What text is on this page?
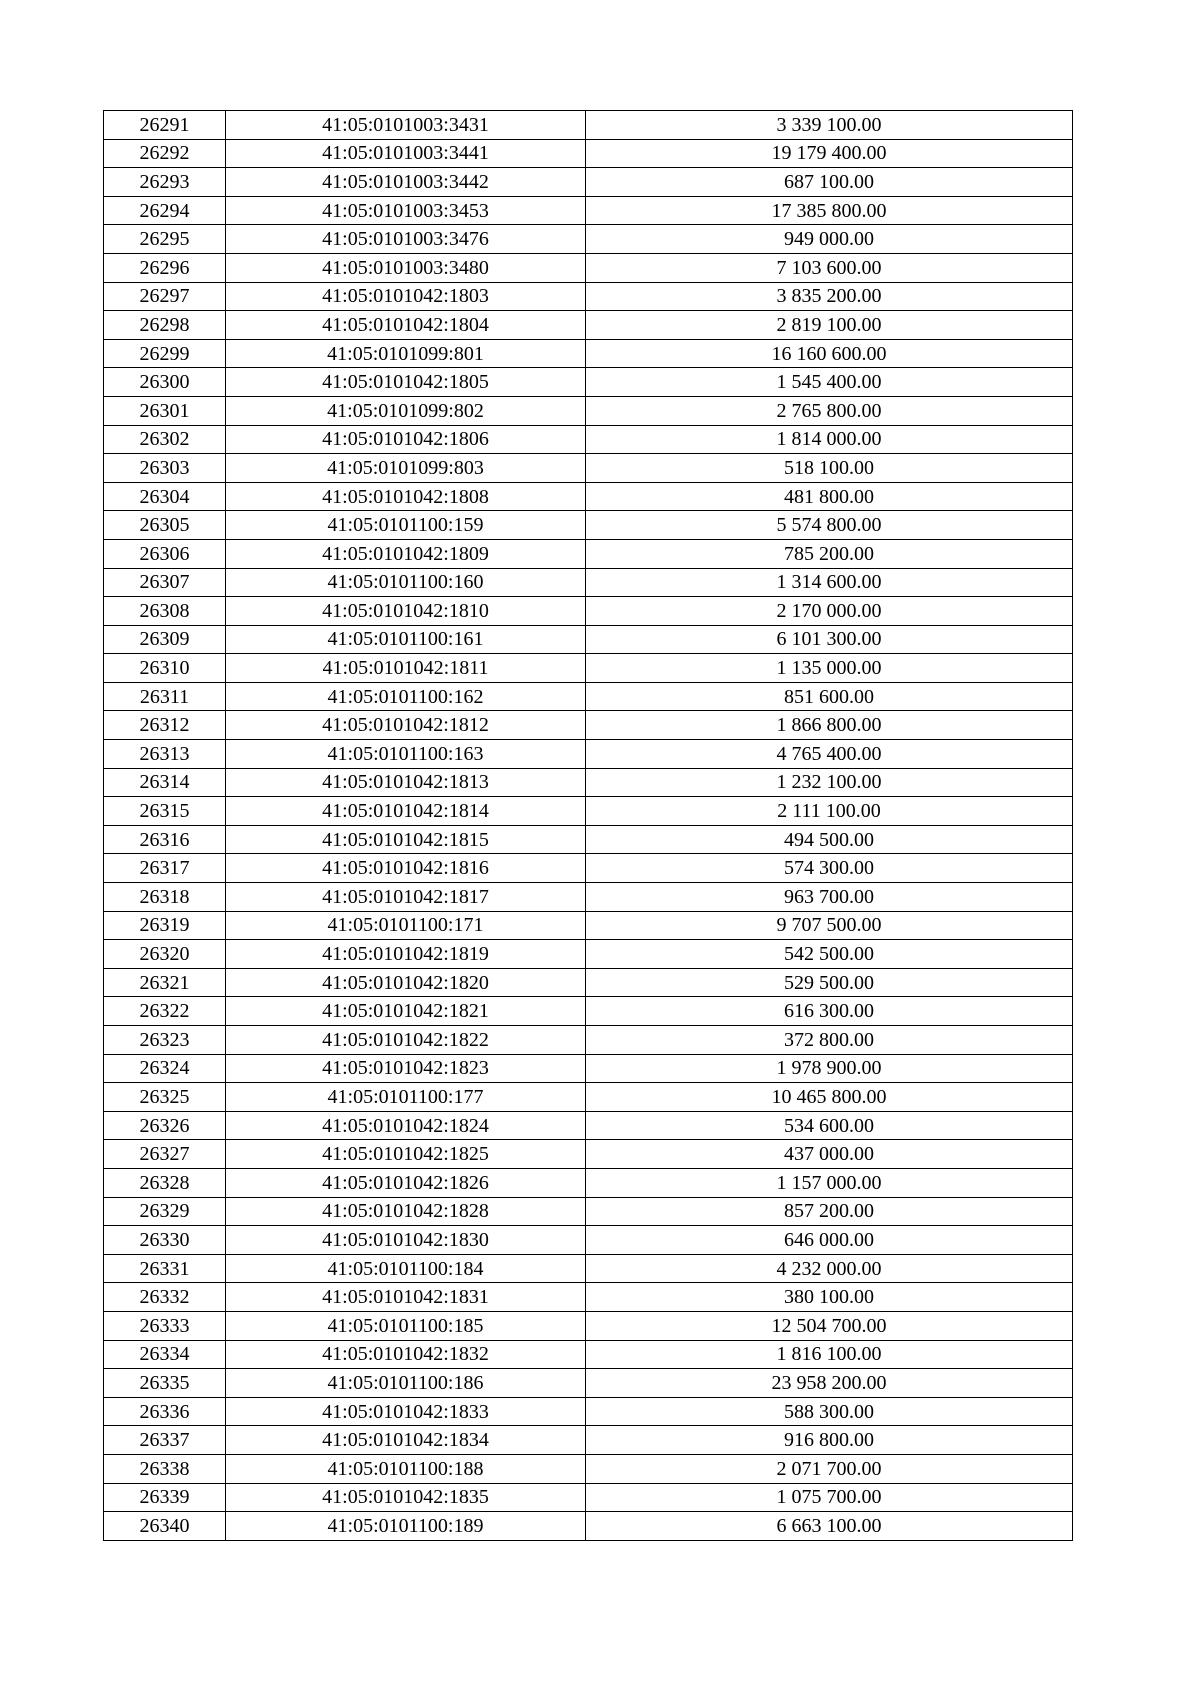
26291	41:05:0101003:3431	3 339 100.00
26292	41:05:0101003:3441	19 179 400.00
26293	41:05:0101003:3442	687 100.00
26294	41:05:0101003:3453	17 385 800.00
26295	41:05:0101003:3476	949 000.00
26296	41:05:0101003:3480	7 103 600.00
26297	41:05:0101042:1803	3 835 200.00
26298	41:05:0101042:1804	2 819 100.00
26299	41:05:0101099:801	16 160 600.00
26300	41:05:0101042:1805	1 545 400.00
26301	41:05:0101099:802	2 765 800.00
26302	41:05:0101042:1806	1 814 000.00
26303	41:05:0101099:803	518 100.00
26304	41:05:0101042:1808	481 800.00
26305	41:05:0101100:159	5 574 800.00
26306	41:05:0101042:1809	785 200.00
26307	41:05:0101100:160	1 314 600.00
26308	41:05:0101042:1810	2 170 000.00
26309	41:05:0101100:161	6 101 300.00
26310	41:05:0101042:1811	1 135 000.00
26311	41:05:0101100:162	851 600.00
26312	41:05:0101042:1812	1 866 800.00
26313	41:05:0101100:163	4 765 400.00
26314	41:05:0101042:1813	1 232 100.00
26315	41:05:0101042:1814	2 111 100.00
26316	41:05:0101042:1815	494 500.00
26317	41:05:0101042:1816	574 300.00
26318	41:05:0101042:1817	963 700.00
26319	41:05:0101100:171	9 707 500.00
26320	41:05:0101042:1819	542 500.00
26321	41:05:0101042:1820	529 500.00
26322	41:05:0101042:1821	616 300.00
26323	41:05:0101042:1822	372 800.00
26324	41:05:0101042:1823	1 978 900.00
26325	41:05:0101100:177	10 465 800.00
26326	41:05:0101042:1824	534 600.00
26327	41:05:0101042:1825	437 000.00
26328	41:05:0101042:1826	1 157 000.00
26329	41:05:0101042:1828	857 200.00
26330	41:05:0101042:1830	646 000.00
26331	41:05:0101100:184	4 232 000.00
26332	41:05:0101042:1831	380 100.00
26333	41:05:0101100:185	12 504 700.00
26334	41:05:0101042:1832	1 816 100.00
26335	41:05:0101100:186	23 958 200.00
26336	41:05:0101042:1833	588 300.00
26337	41:05:0101042:1834	916 800.00
26338	41:05:0101100:188	2 071 700.00
26339	41:05:0101042:1835	1 075 700.00
26340	41:05:0101100:189	6 663 100.00
